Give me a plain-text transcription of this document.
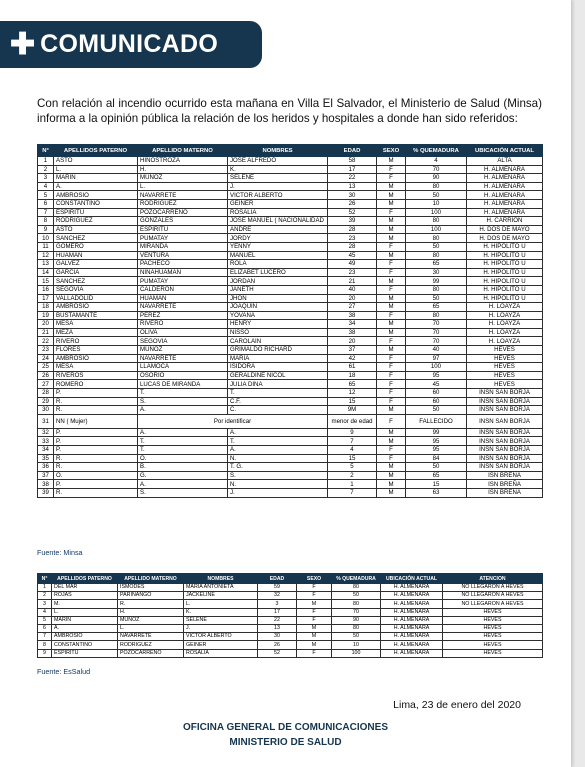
✚ COMUNICADO
Con relación al incendio ocurrido esta mañana en Villa El Salvador, el Ministerio de Salud (Minsa) informa a la opinión pública la relación de los heridos y hospitales a donde han sido referidos:
N°	APELLIDOS PATERNO	APELLIDO MATERNO	NOMBRES	EDAD	SEXO	% QUEMADURA	UBICACIÓN ACTUAL
1	ASTO	HINOSTROZA	JOSE ALFREDO	58	M	4	ALTA
2	L.	H.	K.	17	F	70	H. ALMENARA
3	MARIN	MUÑOZ	SELENE	22	F	90	H. ALMENARA
4	A.	L.	J.	13	M	80	H. ALMENARA
5	AMBROSIO	NAVARRETE	VICTOR ALBERTO	30	M	50	H. ALMENARA
6	CONSTANTINO	RODRIGUEZ	GEINER	26	M	10	H. ALMENARA
7	ESPIRITU	POZOCARREÑO	ROSALIA	52	F	100	H. ALMENARA
8	RODRIGUEZ	GONZALES	JOSE MANUEL ( NACIONALIDAD	39	M	80	H. CARRION
9	ASTO	ESPIRITU	ANDRE	28	M	100	H. DOS DE MAYO
10	SANCHEZ	PUMATAY	JORDY	23	M	80	H. DOS DE MAYO
11	GOMERO	MIRANDA	YENNY	28	F	50	H. HIPOLITO U
12	HUAMAN	VENTURA	MANUEL	45	M	80	H. HIPOLITO U
13	GALVEZ	PACHECO	ROLA	49	F	65	H. HIPOLITO U
14	GARCIA	NINAHUAMAN	ELIZABET LUCERO	23	F	30	H. HIPOLITO U
15	SANCHEZ	PUMATAY	JORDAN	21	M	99	H. HIPOLITO U
16	SEGOVIA	CALDERON	JANETH	40	F	80	H. HIPOLITO U
17	VALLADOLID	HUAMAN	JHON	20	M	50	H. HIPOLITO U
18	AMBROSIO	NAVARRETE	JOAQUIN	27	M	65	H. LOAYZA
19	BUSTAMANTE	PEREZ	YOVANA	38	F	80	H. LOAYZA
20	MESA	RIVERO	HENRY	34	M	70	H. LOAYZA
21	MEZA	OLIVA	NISSO	38	M	70	H. LOAYZA
22	RIVERO	SEGOVIA	CAROLAIN	20	F	70	H. LOAYZA
23	FLORES	MUÑOZ	GRIMALDO RICHARD	37	M	40	HEVES
24	AMBROSIO	NAVARRETE	MARIA	42	F	97	HEVES
25	MESA	LLAMOCA	ISIDORA	61	F	100	HEVES
26	RIVEROS	OSORIO	GERALDINE NICOL	18	F	95	HEVES
27	ROMERO	LUCAS DE MIRANDA	JULIA DINA	65	F	45	HEVES
28	P.	T.	T.	12	F	60	INSN SAN BORJA
29	R.	S.	C.F.	15	F	60	INSN SAN BORJA
30	R.	A.	C.	9M	M	50	INSN SAN BORJA
31	NN ( Mujer)	Por identificar		menor de edad	F	FALLECIDO	INSN SAN BORJA
32	P.	A.	A.	9	M	99	INSN SAN BORJA
33	P.	T.	T.	7	M	95	INSN SAN BORJA
34	P.	T.	A.	4	F	95	INSN SAN BORJA
35	R.	O.	N.	15	F	84	INSN SAN BORJA
36	R.	B.	T. G.	5	M	50	INSN SAN BORJA
37	O.	G.	S.	2	M	65	ISN BREÑA
38	P.	A.	N.	1	M	15	ISN BREÑA
39	R.	S.	J.	7	M	63	ISN BREÑA
Fuente: Minsa
N°	APELLIDOS PATERNO	APELLIDO MATERNO	NOMBRES	EDAD	SEXO	% QUEMADURA	UBICACIÓN ACTUAL	ATENCION
1	DEL MAR	ISMODES	MARIA ANTONIETA	59	F	80	H. ALMENARA	NO LLEGARON A HEVES
2	ROJAS	PARINANGO	JACKELINE	32	F	50	H. ALMENARA	NO LLEGARON A HEVES
3	M.	R.	L.	3	M	80	H. ALMENARA	NO LLEGARON A HEVES
4	L.	H.	K.	17	F	70	H. ALMENARA	HEVES
5	MARIN	MUÑOZ	SELENE	22	F	90	H. ALMENARA	HEVES
6	A.	L.	J.	13	M	80	H. ALMENARA	HEVES
7	AMBROSIO	NAVARRETE	VICTOR ALBERTO	30	M	50	H. ALMENARA	HEVES
8	CONSTANTINO	RODRIGUEZ	GEINER	26	M	10	H. ALMENARA	HEVES
9	ESPIRITU	POZOCARREÑO	ROSALIA	52	F	100	H. ALMENARA	HEVES
Fuente: EsSalud
Lima, 23 de enero del 2020
OFICINA GENERAL DE COMUNICACIONES
MINISTERIO DE SALUD
